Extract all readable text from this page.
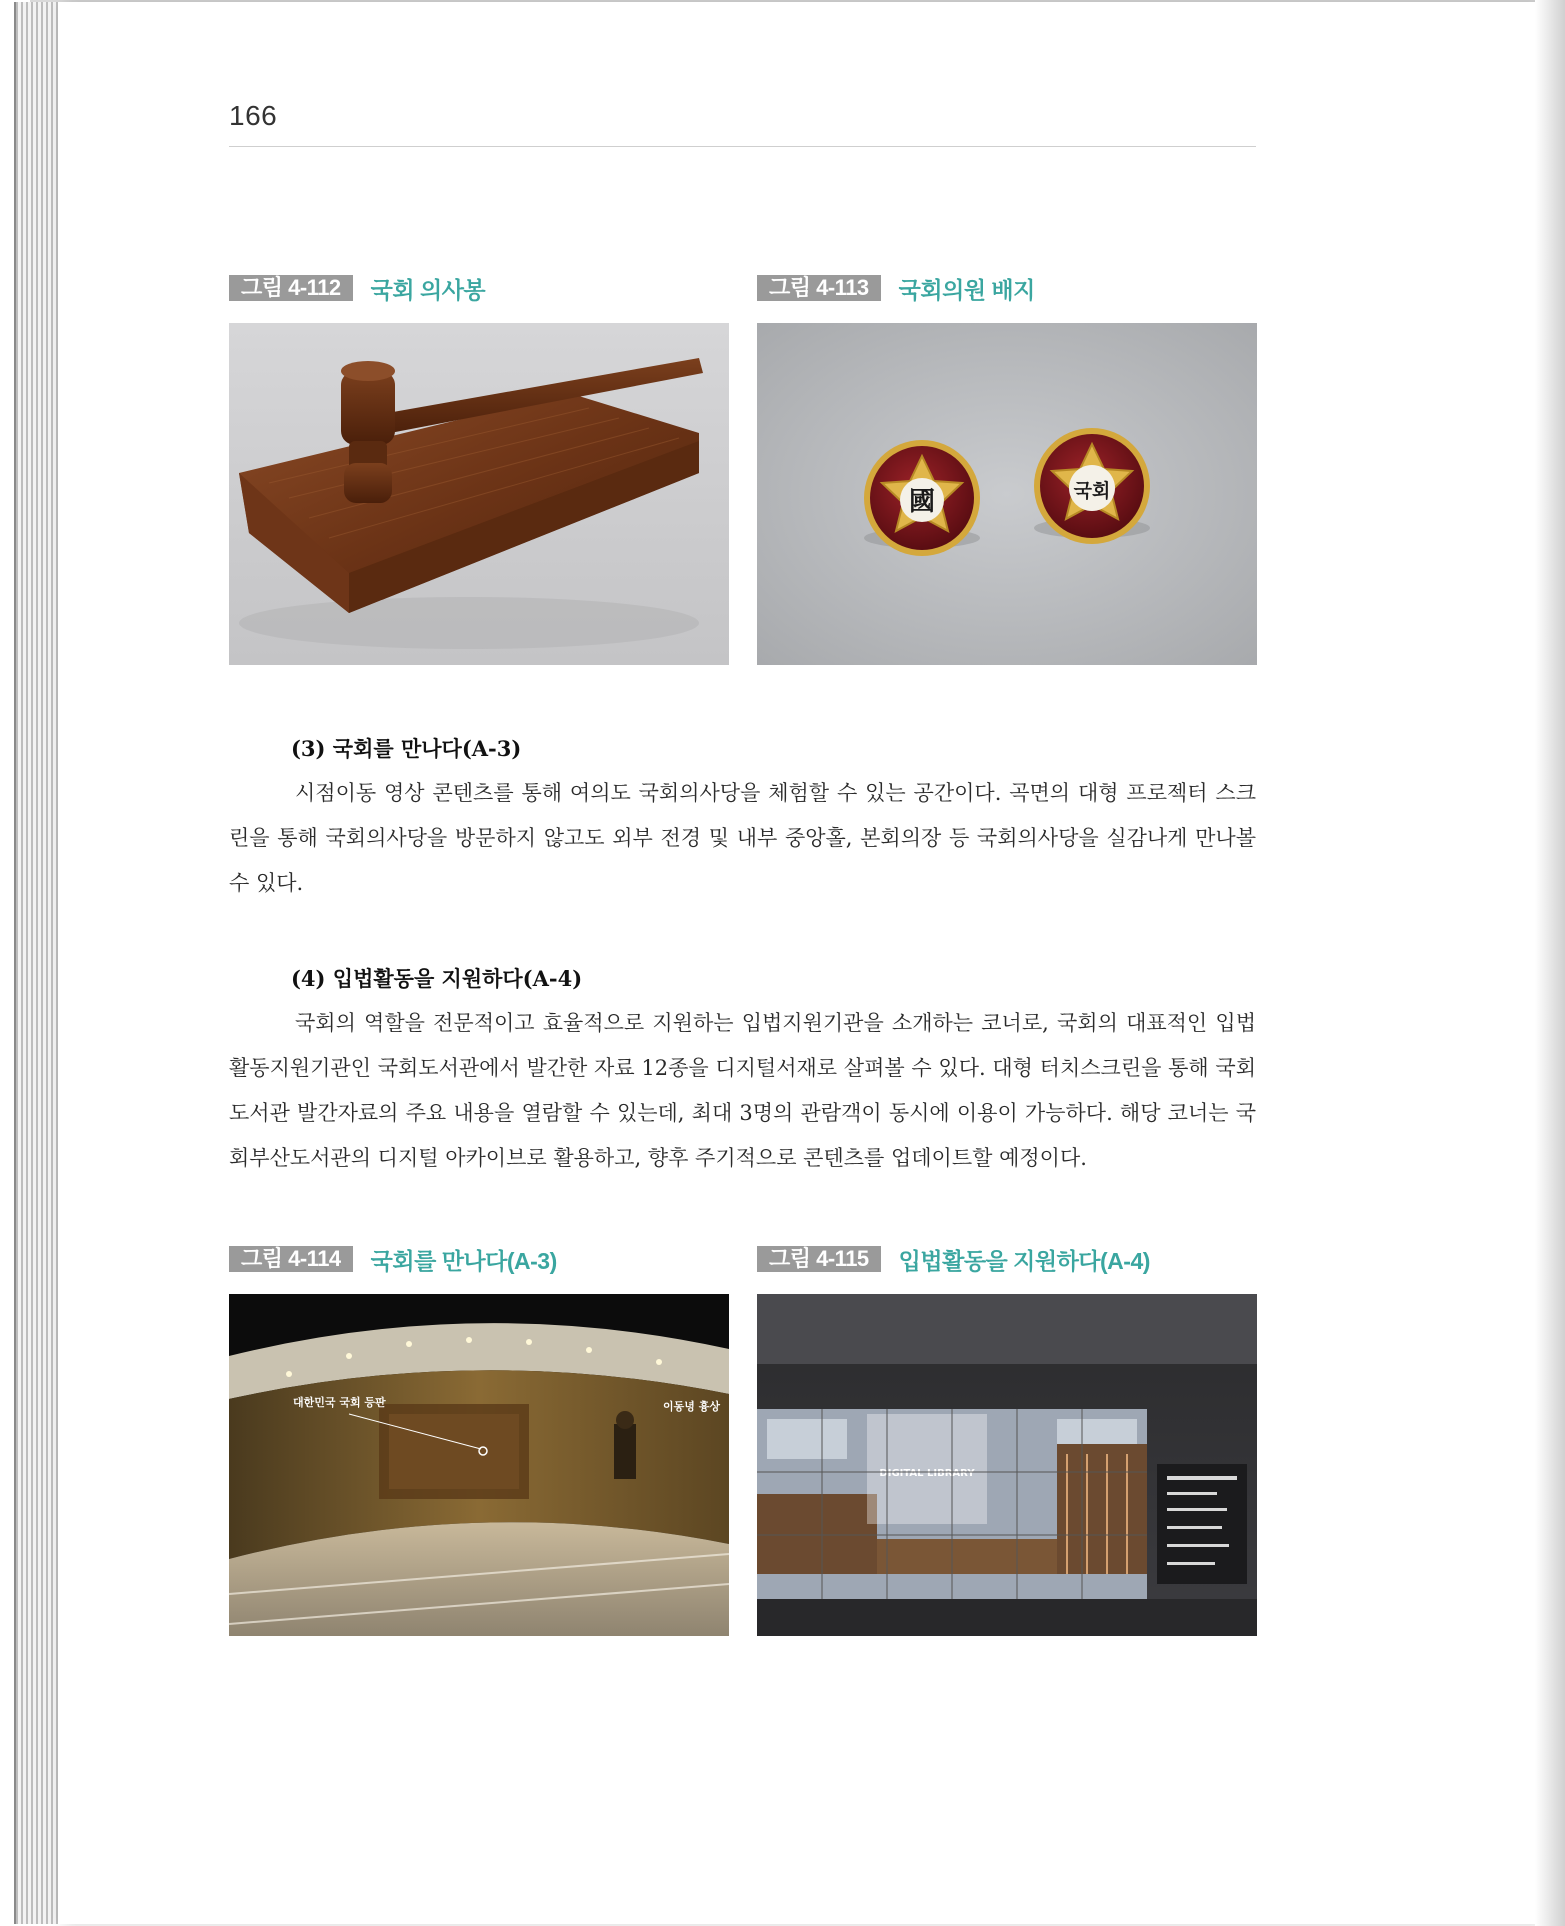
166
그림 4-112	국회 의사봉	그림 4-113	국회의원 배지
國	국회
(3) 국회를 만나다(A-3)

시점이동 영상 콘텐츠를 통해 여의도 국회의사당을 체험할 수 있는 공간이다. 곡면의 대형 프로젝터 스크린을 통해 국회의사당을 방문하지 않고도 외부 전경 및 내부 중앙홀, 본회의장 등 국회의사당을 실감나게 만나볼 수 있다.

(4) 입법활동을 지원하다(A-4)

국회의 역할을 전문적이고 효율적으로 지원하는 입법지원기관을 소개하는 코너로, 국회의 대표적인 입법활동지원기관인 국회도서관에서 발간한 자료 12종을 디지털서재로 살펴볼 수 있다. 대형 터치스크린을 통해 국회도서관 발간자료의 주요 내용을 열람할 수 있는데, 최대 3명의 관람객이 동시에 이용이 가능하다. 해당 코너는 국회부산도서관의 디지털 아카이브로 활용하고, 향후 주기적으로 콘텐츠를 업데이트할 예정이다.

그림 4-114	국회를 만나다(A-3)
대한민국 국회 등판	이동녕 흉상
그림 4-115	입법활동을 지원하다(A-4)
DIGITAL LIBRARY
